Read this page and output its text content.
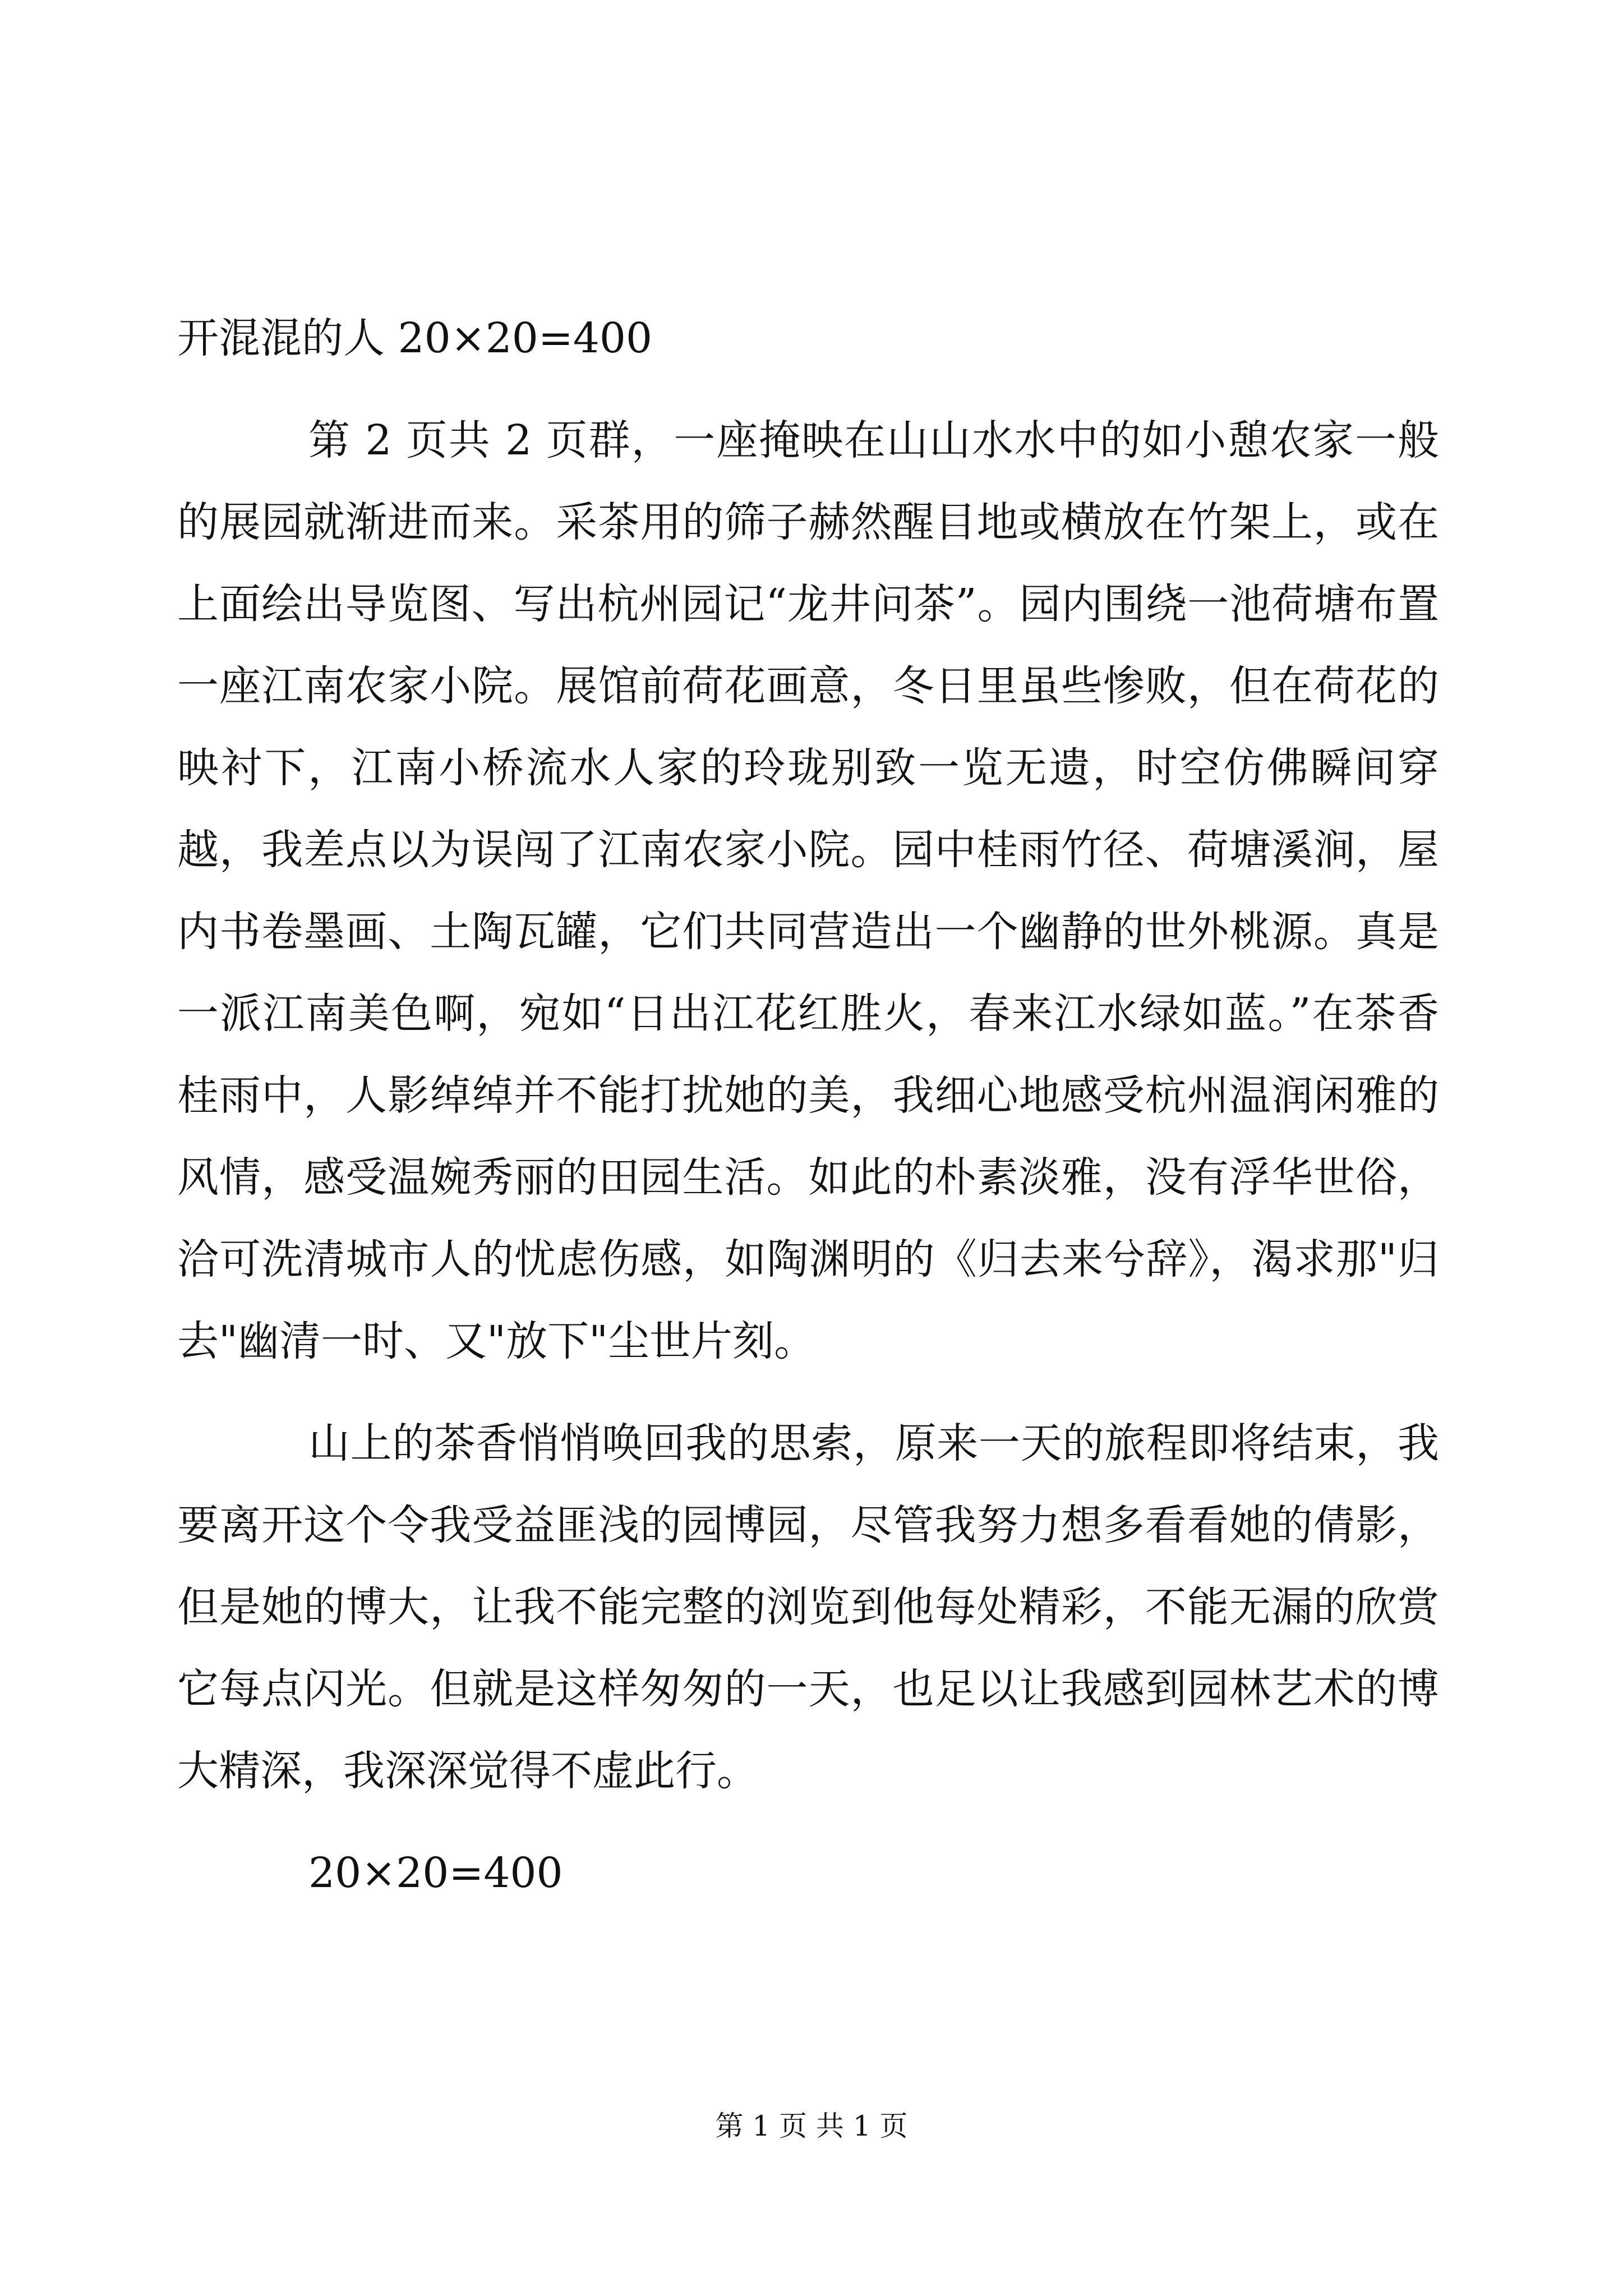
开混混的人 20×20=400

第 2 页共 2 页群，一座掩映在山山水水中的如小憩农家一般的展园就渐进而来。采茶用的筛子赫然醒目地或横放在竹架上，或在上面绘出导览图、写出杭州园记“龙井问茶”。园内围绕一池荷塘布置一座江南农家小院。展馆前荷花画意，冬日里虽些惨败，但在荷花的映衬下，江南小桥流水人家的玲珑别致一览无遗，时空仿佛瞬间穿越，我差点以为误闯了江南农家小院。园中桂雨竹径、荷塘溪涧，屋内书卷墨画、土陶瓦罐，它们共同营造出一个幽静的世外桃源。真是一派江南美色啊，宛如“日出江花红胜火，春来江水绿如蓝。”在茶香桂雨中，人影绰绰并不能打扰她的美，我细心地感受杭州温润闲雅的风情，感受温婉秀丽的田园生活。如此的朴素淡雅，没有浮华世俗，洽可洗清城市人的忧虑伤感，如陶渊明的《归去来兮辞》，渴求那"归去"幽清一时、又"放下"尘世片刻。

山上的茶香悄悄唤回我的思索，原来一天的旅程即将结束，我要离开这个令我受益匪浅的园博园，尽管我努力想多看看她的倩影，但是她的博大，让我不能完整的浏览到他每处精彩，不能无漏的欣赏它每点闪光。但就是这样匆匆的一天，也足以让我感到园林艺术的博大精深，我深深觉得不虚此行。

20×20=400

第 1 页 共 1 页
